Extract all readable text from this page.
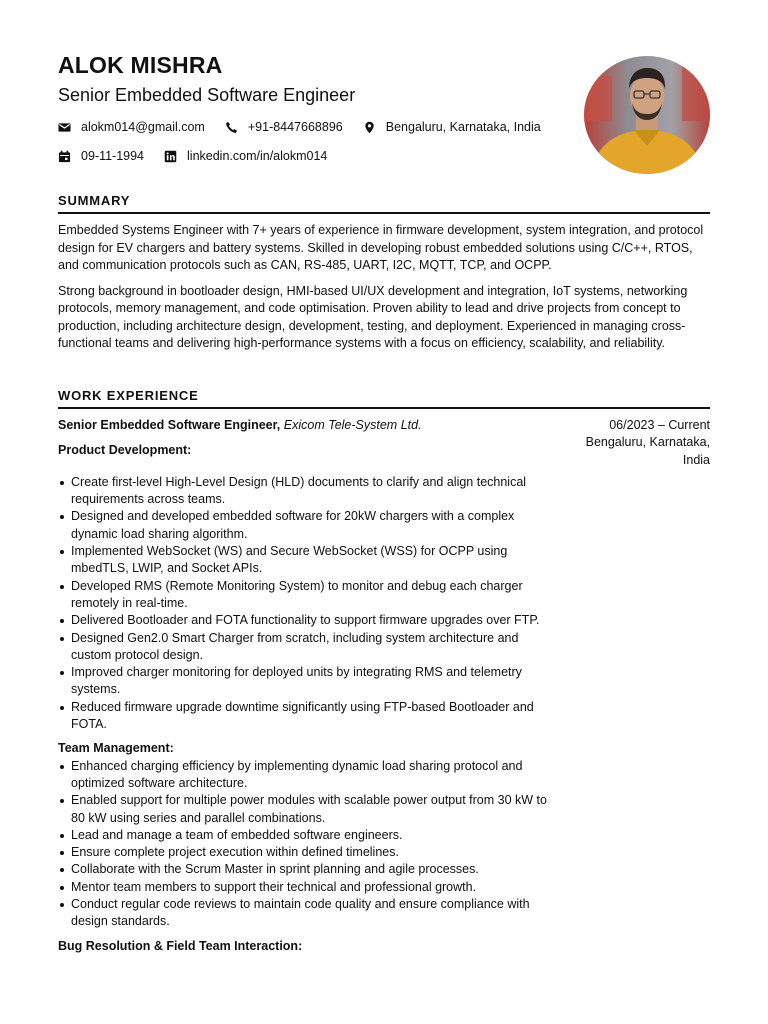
ALOK MISHRA
Senior Embedded Software Engineer
alokm014@gmail.com	+91-8447668896	Bengaluru, Karnataka, India
09-11-1994	linkedin.com/in/alokm014
SUMMARY

Embedded Systems Engineer with 7+ years of experience in firmware development, system integration, and protocol design for EV chargers and battery systems. Skilled in developing robust embedded solutions using C/C++, RTOS, and communication protocols such as CAN, RS-485, UART, I2C, MQTT, TCP, and OCPP.

Strong background in bootloader design, HMI-based UI/UX development and integration, IoT systems, networking protocols, memory management, and code optimisation. Proven ability to lead and drive projects from concept to production, including architecture design, development, testing, and deployment. Experienced in managing cross-functional teams and delivering high-performance systems with a focus on efficiency, scalability, and reliability.

WORK EXPERIENCE
Senior Embedded Software Engineer, Exicom Tele-System Ltd.
Product Development:
06/2023 – Current
Bengaluru, Karnataka, India
Create first-level High-Level Design (HLD) documents to clarify and align technical requirements across teams.
Designed and developed embedded software for 20kW chargers with a complex dynamic load sharing algorithm.
Implemented WebSocket (WS) and Secure WebSocket (WSS) for OCPP using mbedTLS, LWIP, and Socket APIs.
Developed RMS (Remote Monitoring System) to monitor and debug each charger remotely in real-time.
Delivered Bootloader and FOTA functionality to support firmware upgrades over FTP.
Designed Gen2.0 Smart Charger from scratch, including system architecture and custom protocol design.
Improved charger monitoring for deployed units by integrating RMS and telemetry systems.
Reduced firmware upgrade downtime significantly using FTP-based Bootloader and FOTA.
Team Management:
Enhanced charging efficiency by implementing dynamic load sharing protocol and optimized software architecture.
Enabled support for multiple power modules with scalable power output from 30 kW to 80 kW using series and parallel combinations.
Lead and manage a team of embedded software engineers.
Ensure complete project execution within defined timelines.
Collaborate with the Scrum Master in sprint planning and agile processes.
Mentor team members to support their technical and professional growth.
Conduct regular code reviews to maintain code quality and ensure compliance with design standards.
Bug Resolution & Field Team Interaction:
